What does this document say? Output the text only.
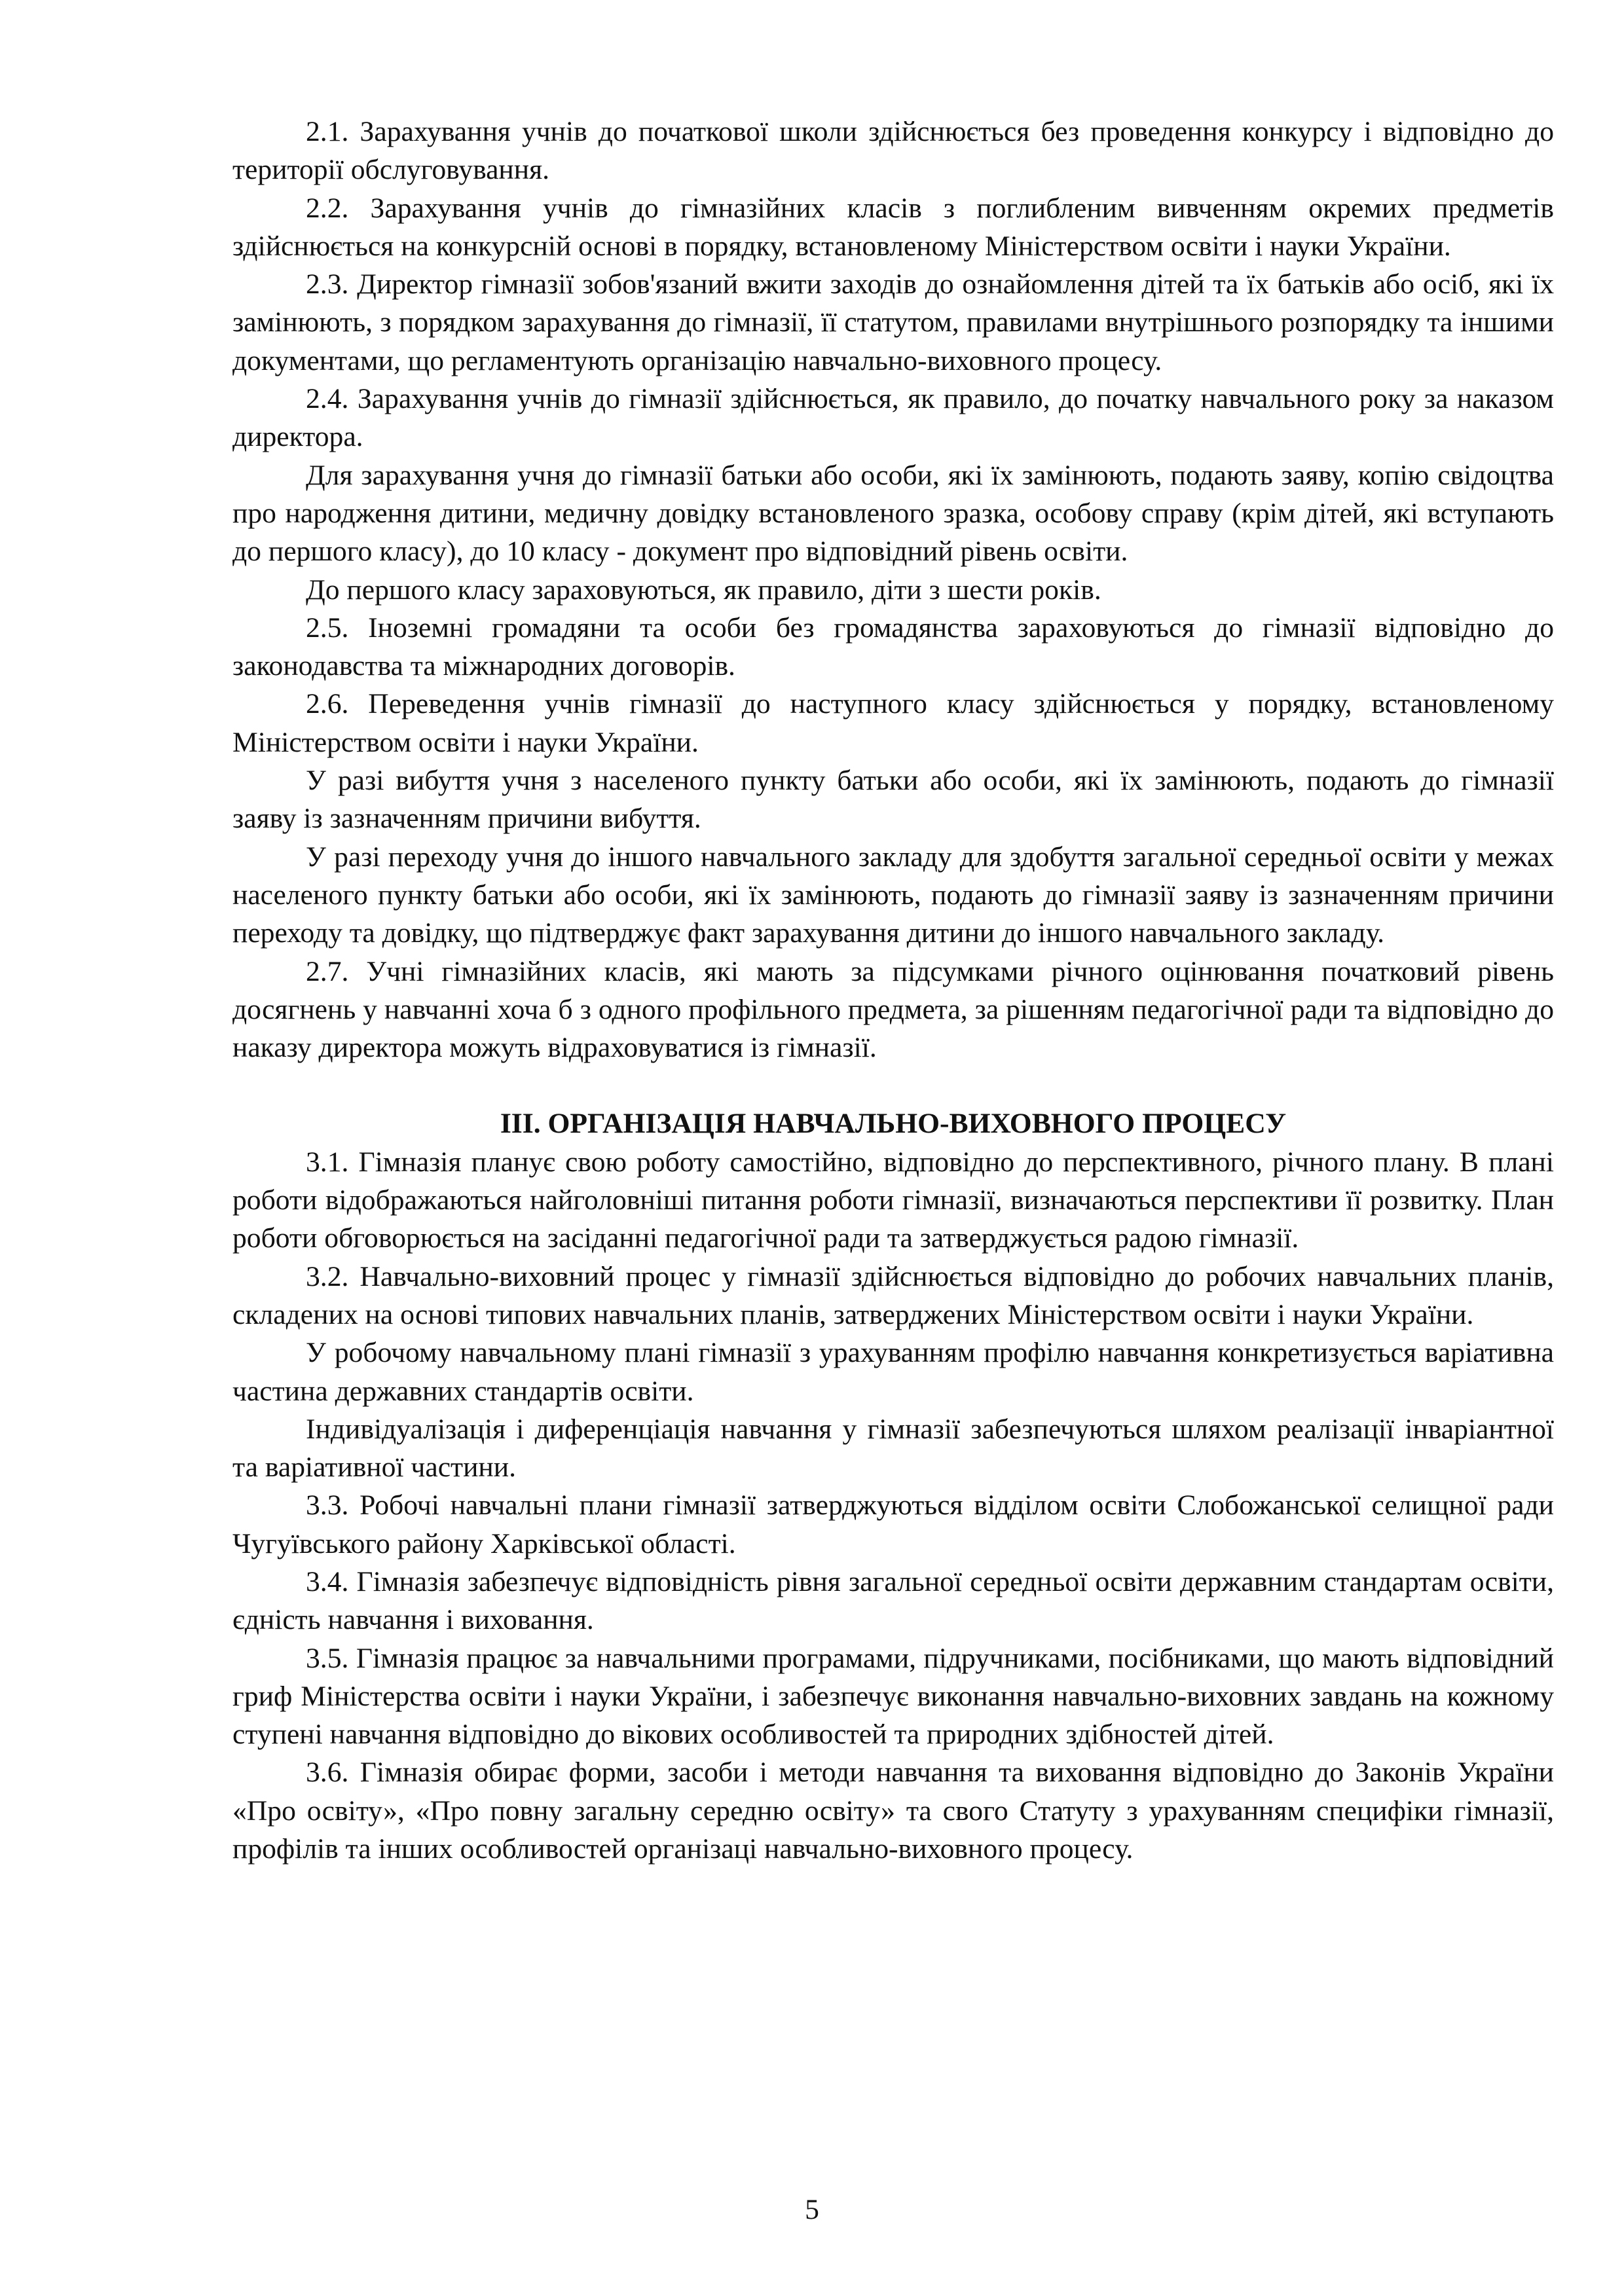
2.1. Зарахування учнів до початкової школи здійснюється без проведення конкурсу і відповідно до території обслуговування.

2.2. Зарахування учнів до гімназійних класів з поглибленим вивченням окремих предметів здійснюється на конкурсній основі в порядку, встановленому Міністерством освіти і науки України.

2.3. Директор гімназії зобов'язаний вжити заходів до ознайомлення дітей та їх батьків або осіб, які їх замінюють, з порядком зарахування до гімназії, її статутом, правилами внутрішнього розпорядку та іншими документами, що регламентують організацію навчально-виховного процесу.

2.4. Зарахування учнів до гімназії здійснюється, як правило, до початку навчального року за наказом директора.

Для зарахування учня до гімназії батьки або особи, які їх замінюють, подають заяву, копію свідоцтва про народження дитини, медичну довідку встановленого зразка, особову справу (крім дітей, які вступають до першого класу), до 10 класу - документ про відповідний рівень освіти.

До першого класу зараховуються, як правило, діти з шести років.

2.5. Іноземні громадяни та особи без громадянства зараховуються до гімназії відповідно до законодавства та міжнародних договорів.

2.6. Переведення учнів гімназії до наступного класу здійснюється у порядку, встановленому Міністерством освіти і науки України.

У разі вибуття учня з населеного пункту батьки або особи, які їх замінюють, подають до гімназії заяву із зазначенням причини вибуття.

У разі переходу учня до іншого навчального закладу для здобуття загальної середньої освіти у межах населеного пункту батьки або особи, які їх замінюють, подають до гімназії заяву із зазначенням причини переходу та довідку, що підтверджує факт зарахування дитини до іншого навчального закладу.

2.7. Учні гімназійних класів, які мають за підсумками річного оцінювання початковий рівень досягнень у навчанні хоча б з одного профільного предмета, за рішенням педагогічної ради та відповідно до наказу директора можуть відраховуватися із гімназії.

ІІІ. ОРГАНІЗАЦІЯ НАВЧАЛЬНО-ВИХОВНОГО ПРОЦЕСУ

3.1. Гімназія планує свою роботу самостійно, відповідно до перспективного, річного плану. В плані роботи відображаються найголовніші питання роботи гімназії, визначаються перспективи її розвитку. План роботи обговорюється на засіданні педагогічної ради та затверджується радою гімназії.

3.2. Навчально-виховний процес у гімназії здійснюється відповідно до робочих навчальних планів, складених на основі типових навчальних планів, затверджених Міністерством освіти і науки України.

У робочому навчальному плані гімназії з урахуванням профілю навчання конкретизується варіативна частина державних стандартів освіти.

Індивідуалізація і диференціація навчання у гімназії забезпечуються шляхом реалізації інваріантної та варіативної частини.

3.3. Робочі навчальні плани гімназії затверджуються відділом освіти Слобожанської селищної ради Чугуївського району Харківської області.

3.4. Гімназія забезпечує відповідність рівня загальної середньої освіти державним стандартам освіти, єдність навчання і виховання.

3.5. Гімназія працює за навчальними програмами, підручниками, посібниками, що мають відповідний гриф Міністерства освіти і науки України, і забезпечує виконання навчально-виховних завдань на кожному ступені навчання відповідно до вікових особливостей та природних здібностей дітей.

3.6. Гімназія обирає форми, засоби і методи навчання та виховання відповідно до Законів України «Про освіту», «Про повну загальну середню освіту» та свого Статуту з урахуванням специфіки гімназії, профілів та інших особливостей організаці навчально-виховного процесу.

5
